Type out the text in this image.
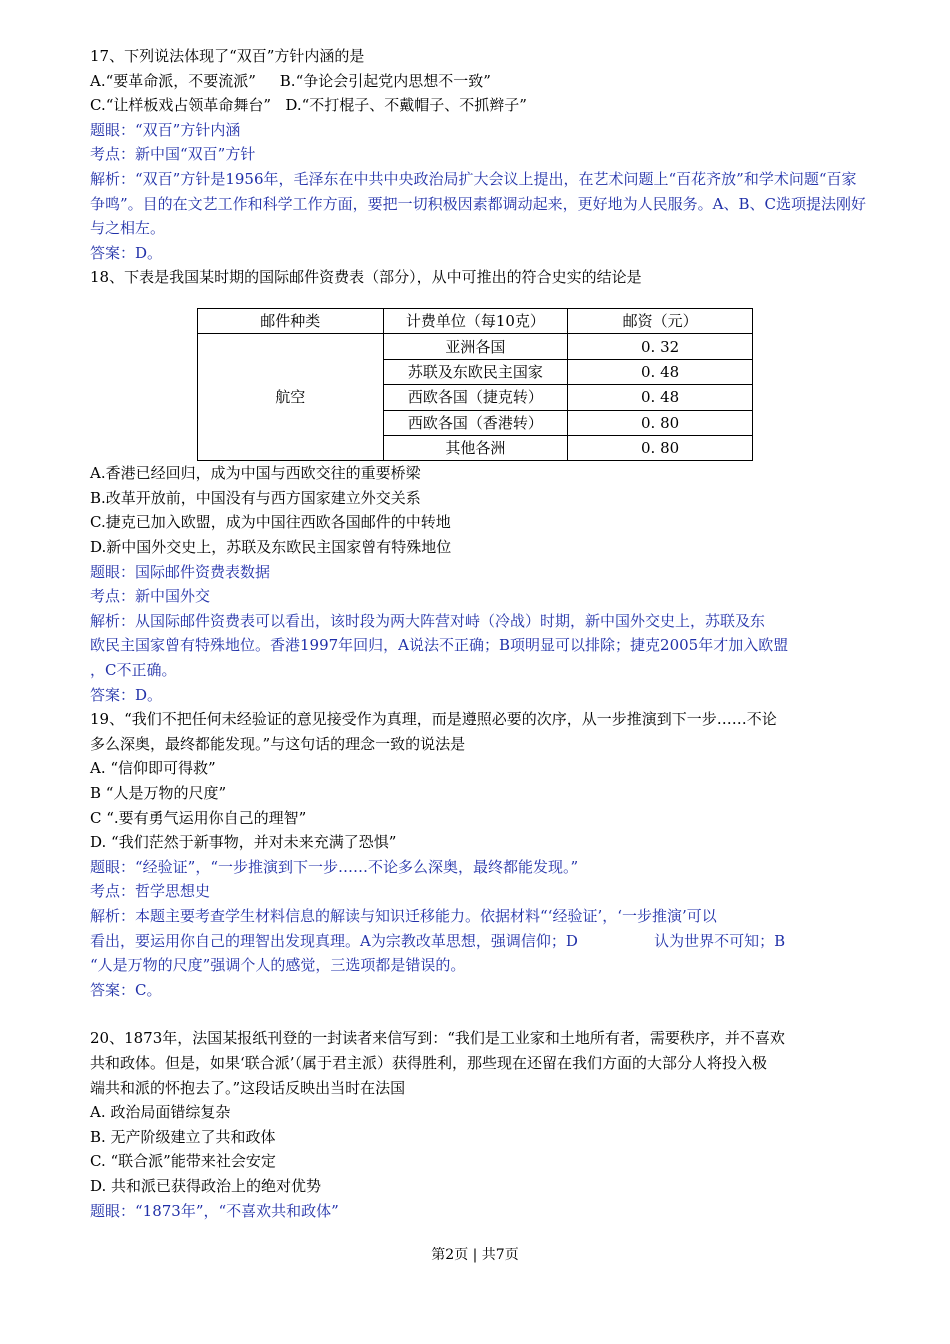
17、下列说法体现了“双百”方针内涵的是
A.“要革命派，不要流派”     B.“争论会引起党内思想不一致”
C.“让样板戏占领革命舞台”   D.“不打棍子、不戴帽子、不抓辫子”
题眼：“双百”方针内涵
考点：新中国“双百”方针
解析：“双百”方针是1956年，毛泽东在中共中央政治局扩大会议上提出，在艺术问题上“百花齐放”和学术问题“百家争鸣”。目的在文艺工作和科学工作方面，要把一切积极因素都调动起来，更好地为人民服务。A、B、C选项提法刚好与之相左。
答案：D。
18、下表是我国某时期的国际邮件资费表（部分），从中可推出的符合史实的结论是
邮件种类	计费单位（每10克）	邮资（元）
航空	亚洲各国	0. 32
	苏联及东欧民主国家	0. 48
	西欧各国（捷克转）	0. 48
	西欧各国（香港转）	0. 80
	其他各洲	0. 80
A.香港已经回归，成为中国与西欧交往的重要桥梁
B.改革开放前，中国没有与西方国家建立外交关系
C.捷克已加入欧盟，成为中国往西欧各国邮件的中转地
D.新中国外交史上，苏联及东欧民主国家曾有特殊地位
题眼：国际邮件资费表数据
考点：新中国外交
解析：从国际邮件资费表可以看出，该时段为两大阵营对峙（冷战）时期，新中国外交史上，苏联及东
欧民主国家曾有特殊地位。香港1997年回归，A说法不正确；B项明显可以排除；捷克2005年才加入欧盟
，C不正确。
答案：D。
19、“我们不把任何未经验证的意见接受作为真理，而是遵照必要的次序，从一步推演到下一步……不论
多么深奥，最终都能发现。”与这句话的理念一致的说法是
A. “信仰即可得救”
B “人是万物的尺度”
C “.要有勇气运用你自己的理智”
D. “我们茫然于新事物，并对未来充满了恐惧”
题眼：“经验证”，“一步推演到下一步……不论多么深奥，最终都能发现。”
考点：哲学思想史
解析：本题主要考查学生材料信息的解读与知识迁移能力。依据材料“‘经验证’，‘一步推演’可以
看出，要运用你自己的理智出发现真理。A为宗教改革思想，强调信仰；D                认为世界不可知；B
“人是万物的尺度”强调个人的感觉，三选项都是错误的。
答案：C。
20、1873年，法国某报纸刊登的一封读者来信写到：“我们是工业家和土地所有者，需要秩序，并不喜欢
共和政体。但是，如果‘联合派’（属于君主派）获得胜利，那些现在还留在我们方面的大部分人将投入极
端共和派的怀抱去了。”这段话反映出当时在法国
A. 政治局面错综复杂
B. 无产阶级建立了共和政体
C. “联合派”能带来社会安定
D. 共和派已获得政治上的绝对优势
题眼：“1873年”，“不喜欢共和政体”
第2页 | 共7页
